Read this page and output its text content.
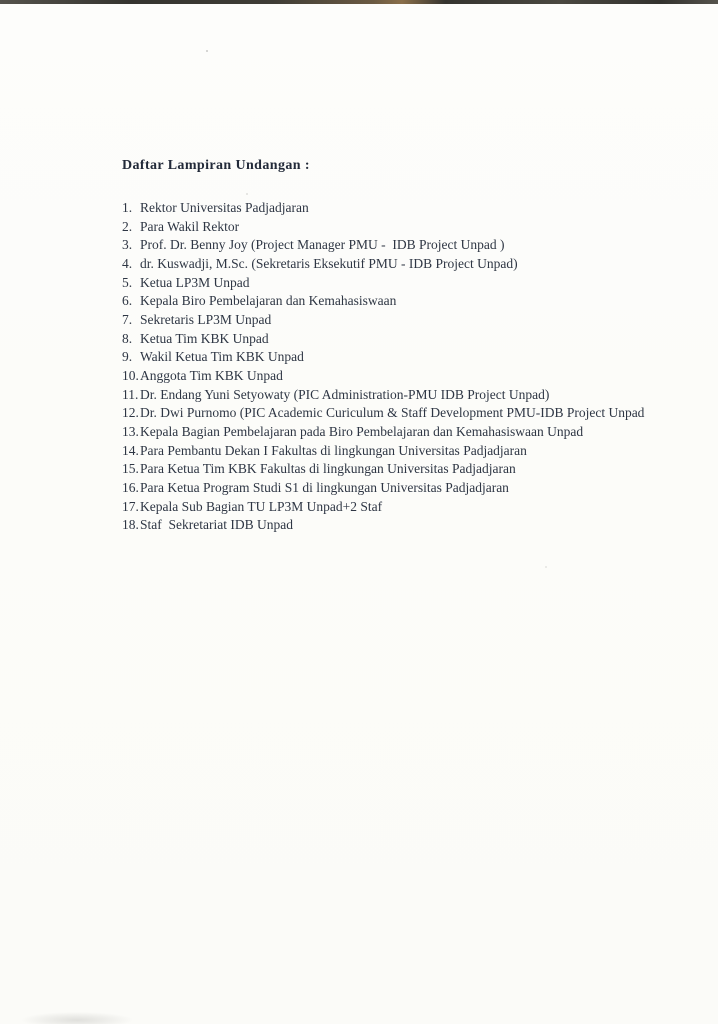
Daftar Lampiran Undangan :
1. Rektor Universitas Padjadjaran
2. Para Wakil Rektor
3. Prof. Dr. Benny Joy (Project Manager PMU -  IDB Project Unpad )
4. dr. Kuswadji, M.Sc. (Sekretaris Eksekutif PMU - IDB Project Unpad)
5. Ketua LP3M Unpad
6. Kepala Biro Pembelajaran dan Kemahasiswaan
7. Sekretaris LP3M Unpad
8. Ketua Tim KBK Unpad
9. Wakil Ketua Tim KBK Unpad
10. Anggota Tim KBK Unpad
11. Dr. Endang Yuni Setyowaty (PIC Administration-PMU IDB Project Unpad)
12. Dr. Dwi Purnomo (PIC Academic Curiculum & Staff Development PMU-IDB Project Unpad
13. Kepala Bagian Pembelajaran pada Biro Pembelajaran dan Kemahasiswaan Unpad
14. Para Pembantu Dekan I Fakultas di lingkungan Universitas Padjadjaran
15. Para Ketua Tim KBK Fakultas di lingkungan Universitas Padjadjaran
16. Para Ketua Program Studi S1 di lingkungan Universitas Padjadjaran
17. Kepala Sub Bagian TU LP3M Unpad+2 Staf
18. Staf  Sekretariat IDB Unpad
